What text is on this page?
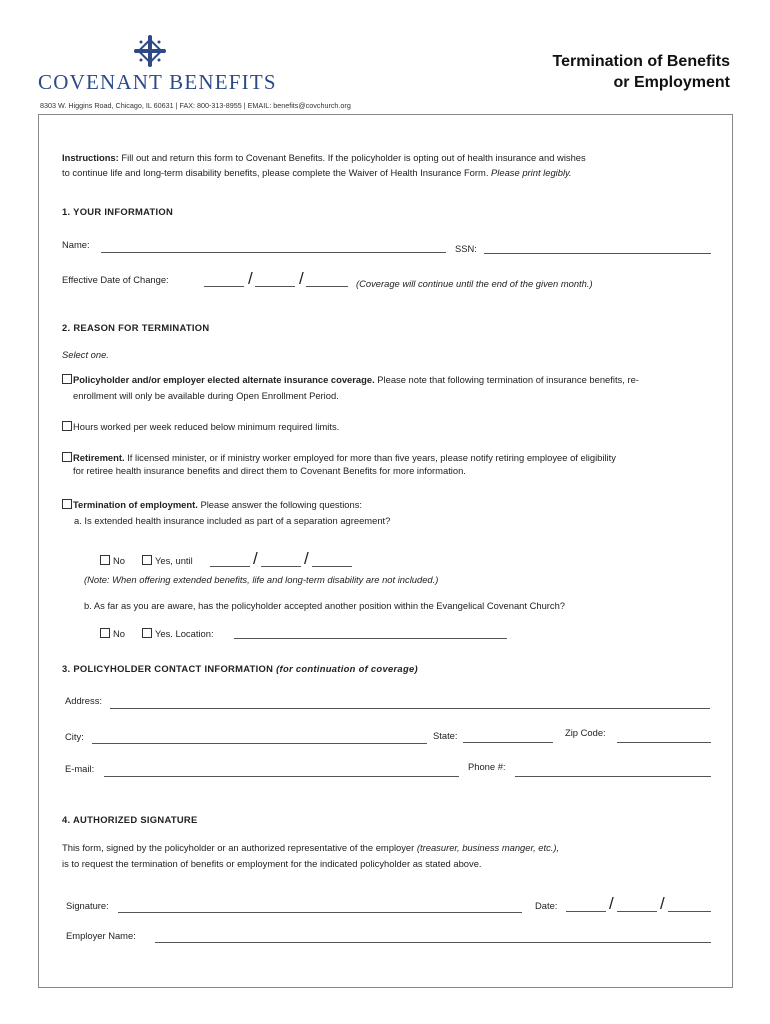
COVENANT BENEFITS
8303 W. Higgins Road, Chicago, IL 60631 | FAX: 800-313-8955 | EMAIL: benefits@covchurch.org
Termination of Benefits
or Employment
Instructions: Fill out and return this form to Covenant Benefits. If the policyholder is opting out of health insurance and wishes
to continue life and long-term disability benefits, please complete the Waiver of Health Insurance Form. Please print legibly.
1. YOUR INFORMATION
Name:	SSN:
Effective Date of Change:	/	/	(Coverage will continue until the end of the given month.)
2. REASON FOR TERMINATION
Select one.
Policyholder and/or employer elected alternate insurance coverage. Please note that following termination of insurance benefits, re-
enrollment will only be available during Open Enrollment Period.
Hours worked per week reduced below minimum required limits.
Retirement. If licensed minister, or if ministry worker employed for more than five years, please notify retiring employee of eligibility
for retiree health insurance benefits and direct them to Covenant Benefits for more information.
Termination of employment. Please answer the following questions:
a. Is extended health insurance included as part of a separation agreement?
No	Yes, until	/	/
(Note: When offering extended benefits, life and long-term disability are not included.)
b. As far as you are aware, has the policyholder accepted another position within the Evangelical Covenant Church?
No	Yes. Location:
3. POLICYHOLDER CONTACT INFORMATION (for continuation of coverage)
Address:
City:	State:	Zip Code:
E-mail:	Phone #:
4. AUTHORIZED SIGNATURE
This form, signed by the policyholder or an authorized representative of the employer (treasurer, business manger, etc.),
is to request the termination of benefits or employment for the indicated policyholder as stated above.
Signature:	Date:	/	/
Employer Name:
